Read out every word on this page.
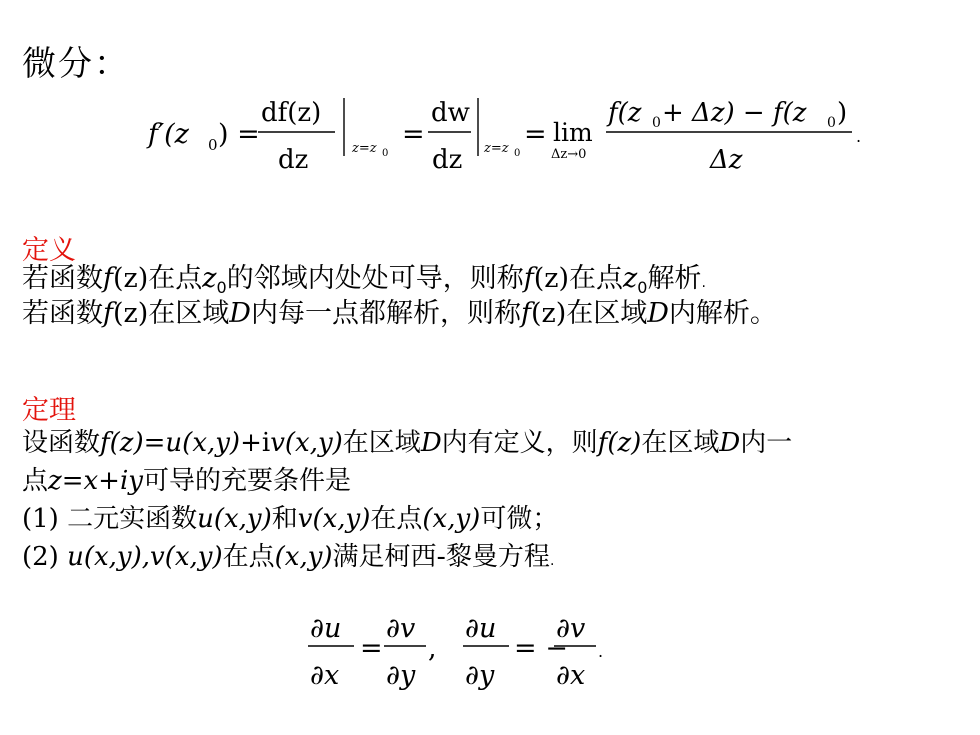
微分：
f′(z 0 ) =
df(z)
dz	z=z 0
=
dw
dz z=z 0
= lim
Δz→0
f(z 0 + Δz) − f(z 0 )
Δz
.
定义
若函数f(z)在点$z_0$的邻域内处处可导，则称f(z)在点$z_0$解析.
若函数f(z)在区域D内每一点都解析，则称f(z)在区域D内解析。
定理
设函数f(z)=u(x,y)+iv(x,y)在区域D内有定义，则f(z)在区域D内一
点z=x+iy可导的充要条件是
(1) 二元实函数u(x,y)和v(x,y)在点(x,y)可微；
(2) u(x,y),v(x,y)在点(x,y)满足柯西-黎曼方程.
∂u
∂x
=
∂v
∂y
,
∂u
∂y
= −
∂v
∂x
.
